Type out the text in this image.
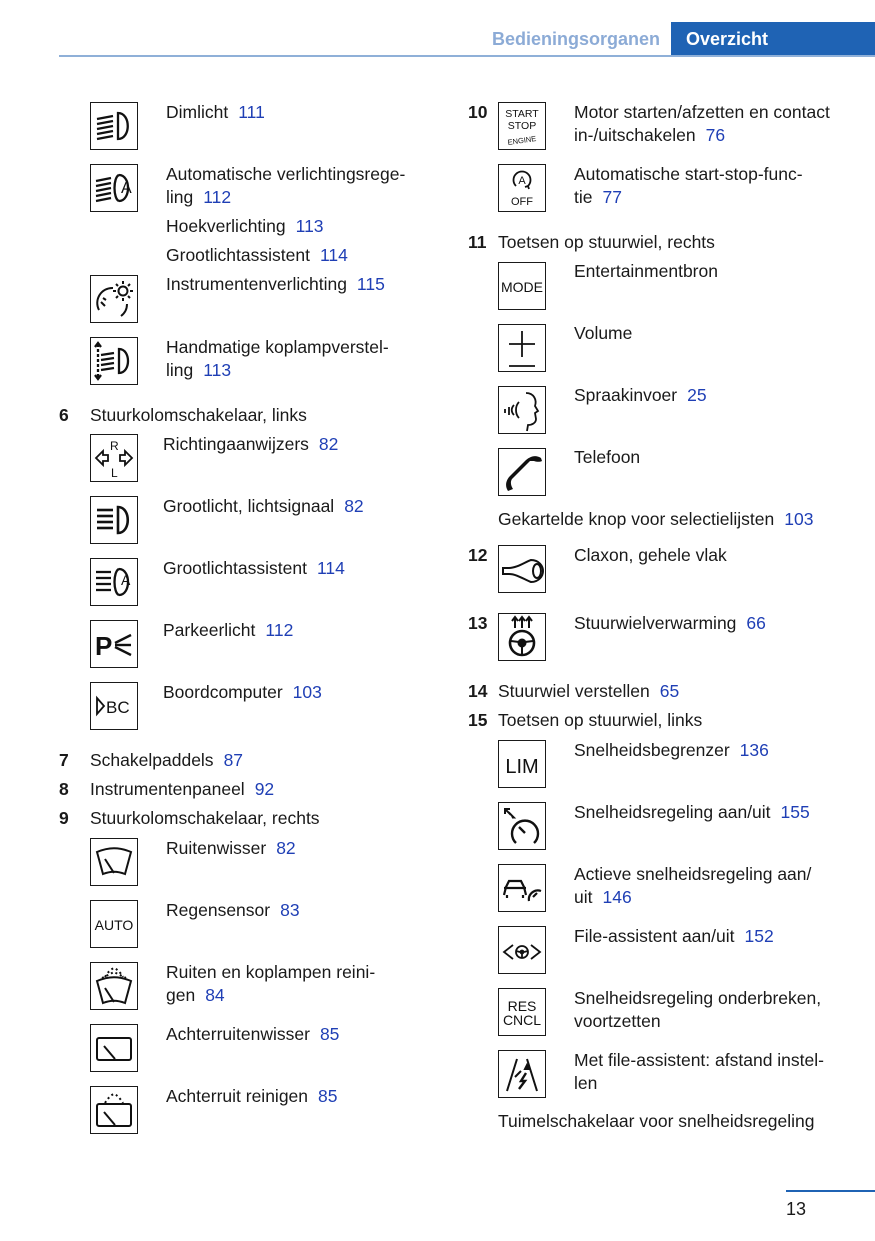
Bedieningsorganen Overzicht
Dimlicht 111
A
Automatische verlichtingsrege-
ling 112
Hoekverlichting 113
Grootlichtassistent 114
Instrumentenverlichting 115
Handmatige koplampverstel-
ling 113
6 Stuurkolomschakelaar, links
R
L
Richtingaanwijzers 82
Grootlicht, lichtsignaal 82
A
Grootlichtassistent 114
P
Parkeerlicht 112
BC
Boordcomputer 103
7 Schakelpaddels 87
8 Instrumentenpaneel 92
9 Stuurkolomschakelaar, rechts
Ruitenwisser 82
AUTO
Regensensor 83
Ruiten en koplampen reini-
gen 84
Achterruitenwisser 85
Achterruit reinigen 85
10 START
STOP
ENGINE
Motor starten/afzetten en contact
in-/uitschakelen 76
A
OFF
Automatische start-stop-func-
tie 77
11 Toetsen op stuurwiel, rechts
MODE
Entertainmentbron
Volume
Spraakinvoer 25
Telefoon
Gekartelde knop voor selectielijsten 103
12	Claxon, gehele vlak
13	Stuurwielverwarming 66
14 Stuurwiel verstellen 65
15 Toetsen op stuurwiel, links
LIM
Snelheidsbegrenzer 136
Snelheidsregeling aan/uit 155
Actieve snelheidsregeling aan/
uit 146
File-assistent aan/uit 152
RES
CNCL
Snelheidsregeling onderbreken,
voortzetten
Met file-assistent: afstand instel-
len
Tuimelschakelaar voor snelheidsregeling
13
